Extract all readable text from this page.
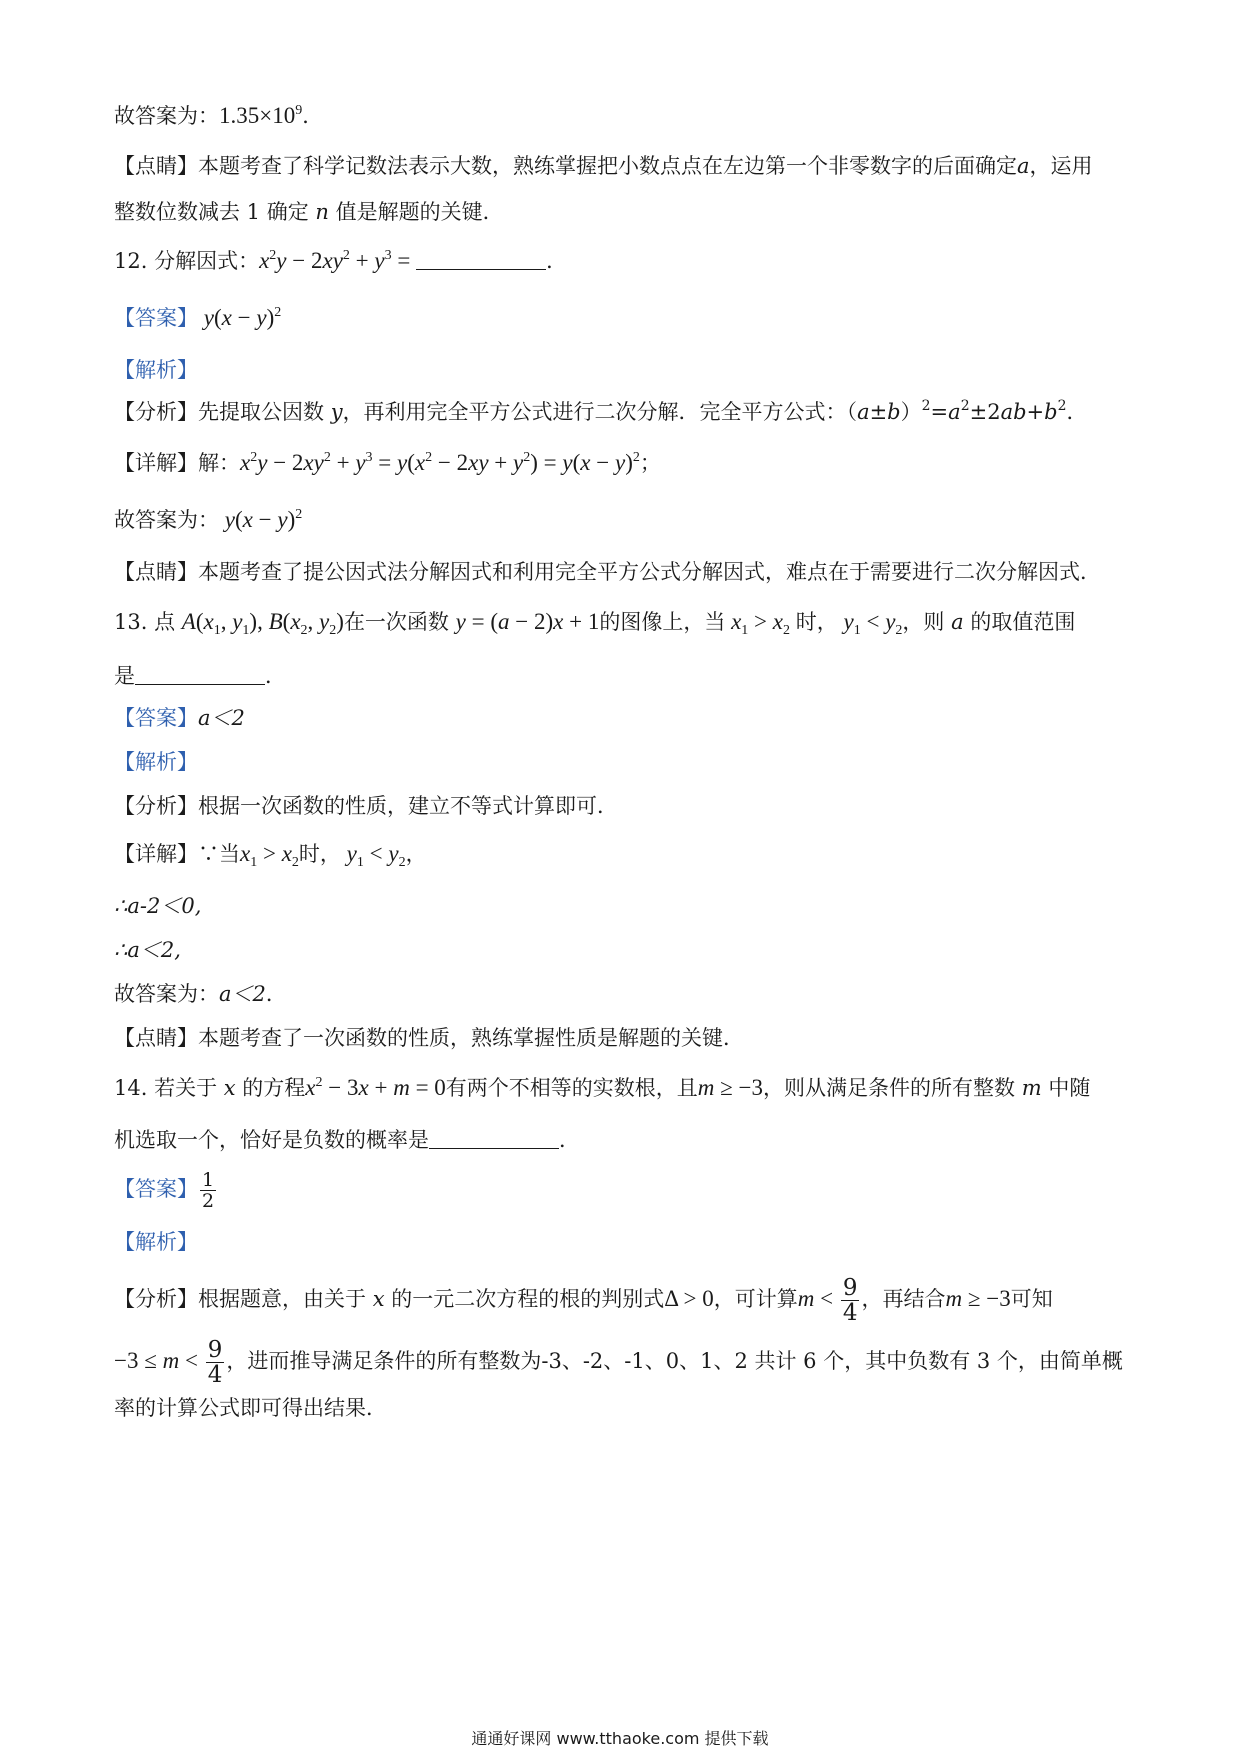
故答案为：$1.35\times 10^9$．
【点睛】本题考查了科学记数法表示大数，熟练掌握把小数点点在左边第一个非零数字的后面确定a，运用
整数位数减去 1 确定 n 值是解题的关键．
12. 分解因式：$x^2y - 2xy^2 + y^3$ =	．
【答案】 $y(x - y)^2$
【解析】
【分析】先提取公因数 y，再利用完全平方公式进行二次分解．完全平方公式：$(a\pm b)^2=a^2\pm 2ab+b^2$．
【详解】解：$x^2y - 2xy^2 + y^3 = y(x^2 - 2xy + y^2) = y(x - y)^2$；
故答案为： $y(x - y)^2$
【点睛】本题考查了提公因式法分解因式和利用完全平方公式分解因式，难点在于需要进行二次分解因式．
13. 点 $A(x_1$, $y_1$), $B(x_2$, $y_2$)在一次函数 y = (a − 2)x + 1的图像上，当 $x_1 > x_2$ 时， $y_1 < y_2$，则 a 的取值范围
是	．
【答案】a＜2
【解析】
【分析】根据一次函数的性质，建立不等式计算即可．
【详解】∵当$x_1 > x_2$时， $y_1 < y_2$，
∴a-2＜0,
∴a＜2,
故答案为：a＜2．
【点睛】本题考查了一次函数的性质，熟练掌握性质是解题的关键．
14. 若关于 x 的方程$x^2 - 3x + m = 0$有两个不相等的实数根，且m ≥ −3，则从满足条件的所有整数 m 中随
机选取一个，恰好是负数的概率是	．
【答案】 $\frac{1}{2}$
【解析】
【分析】根据题意，由关于 x 的一元二次方程的根的判别式Δ > 0，可计算$m < \frac{9}{4}$ ，再结合m ≥ −3可知
$-3 \le m < \frac{9}{4}$ ，进而推导满足条件的所有整数为-3、-2、-1、0、1、2 共计 6 个，其中负数有 3 个，由简单概
率的计算公式即可得出结果．
通通好课网 www.tthaoke.com 提供下载
